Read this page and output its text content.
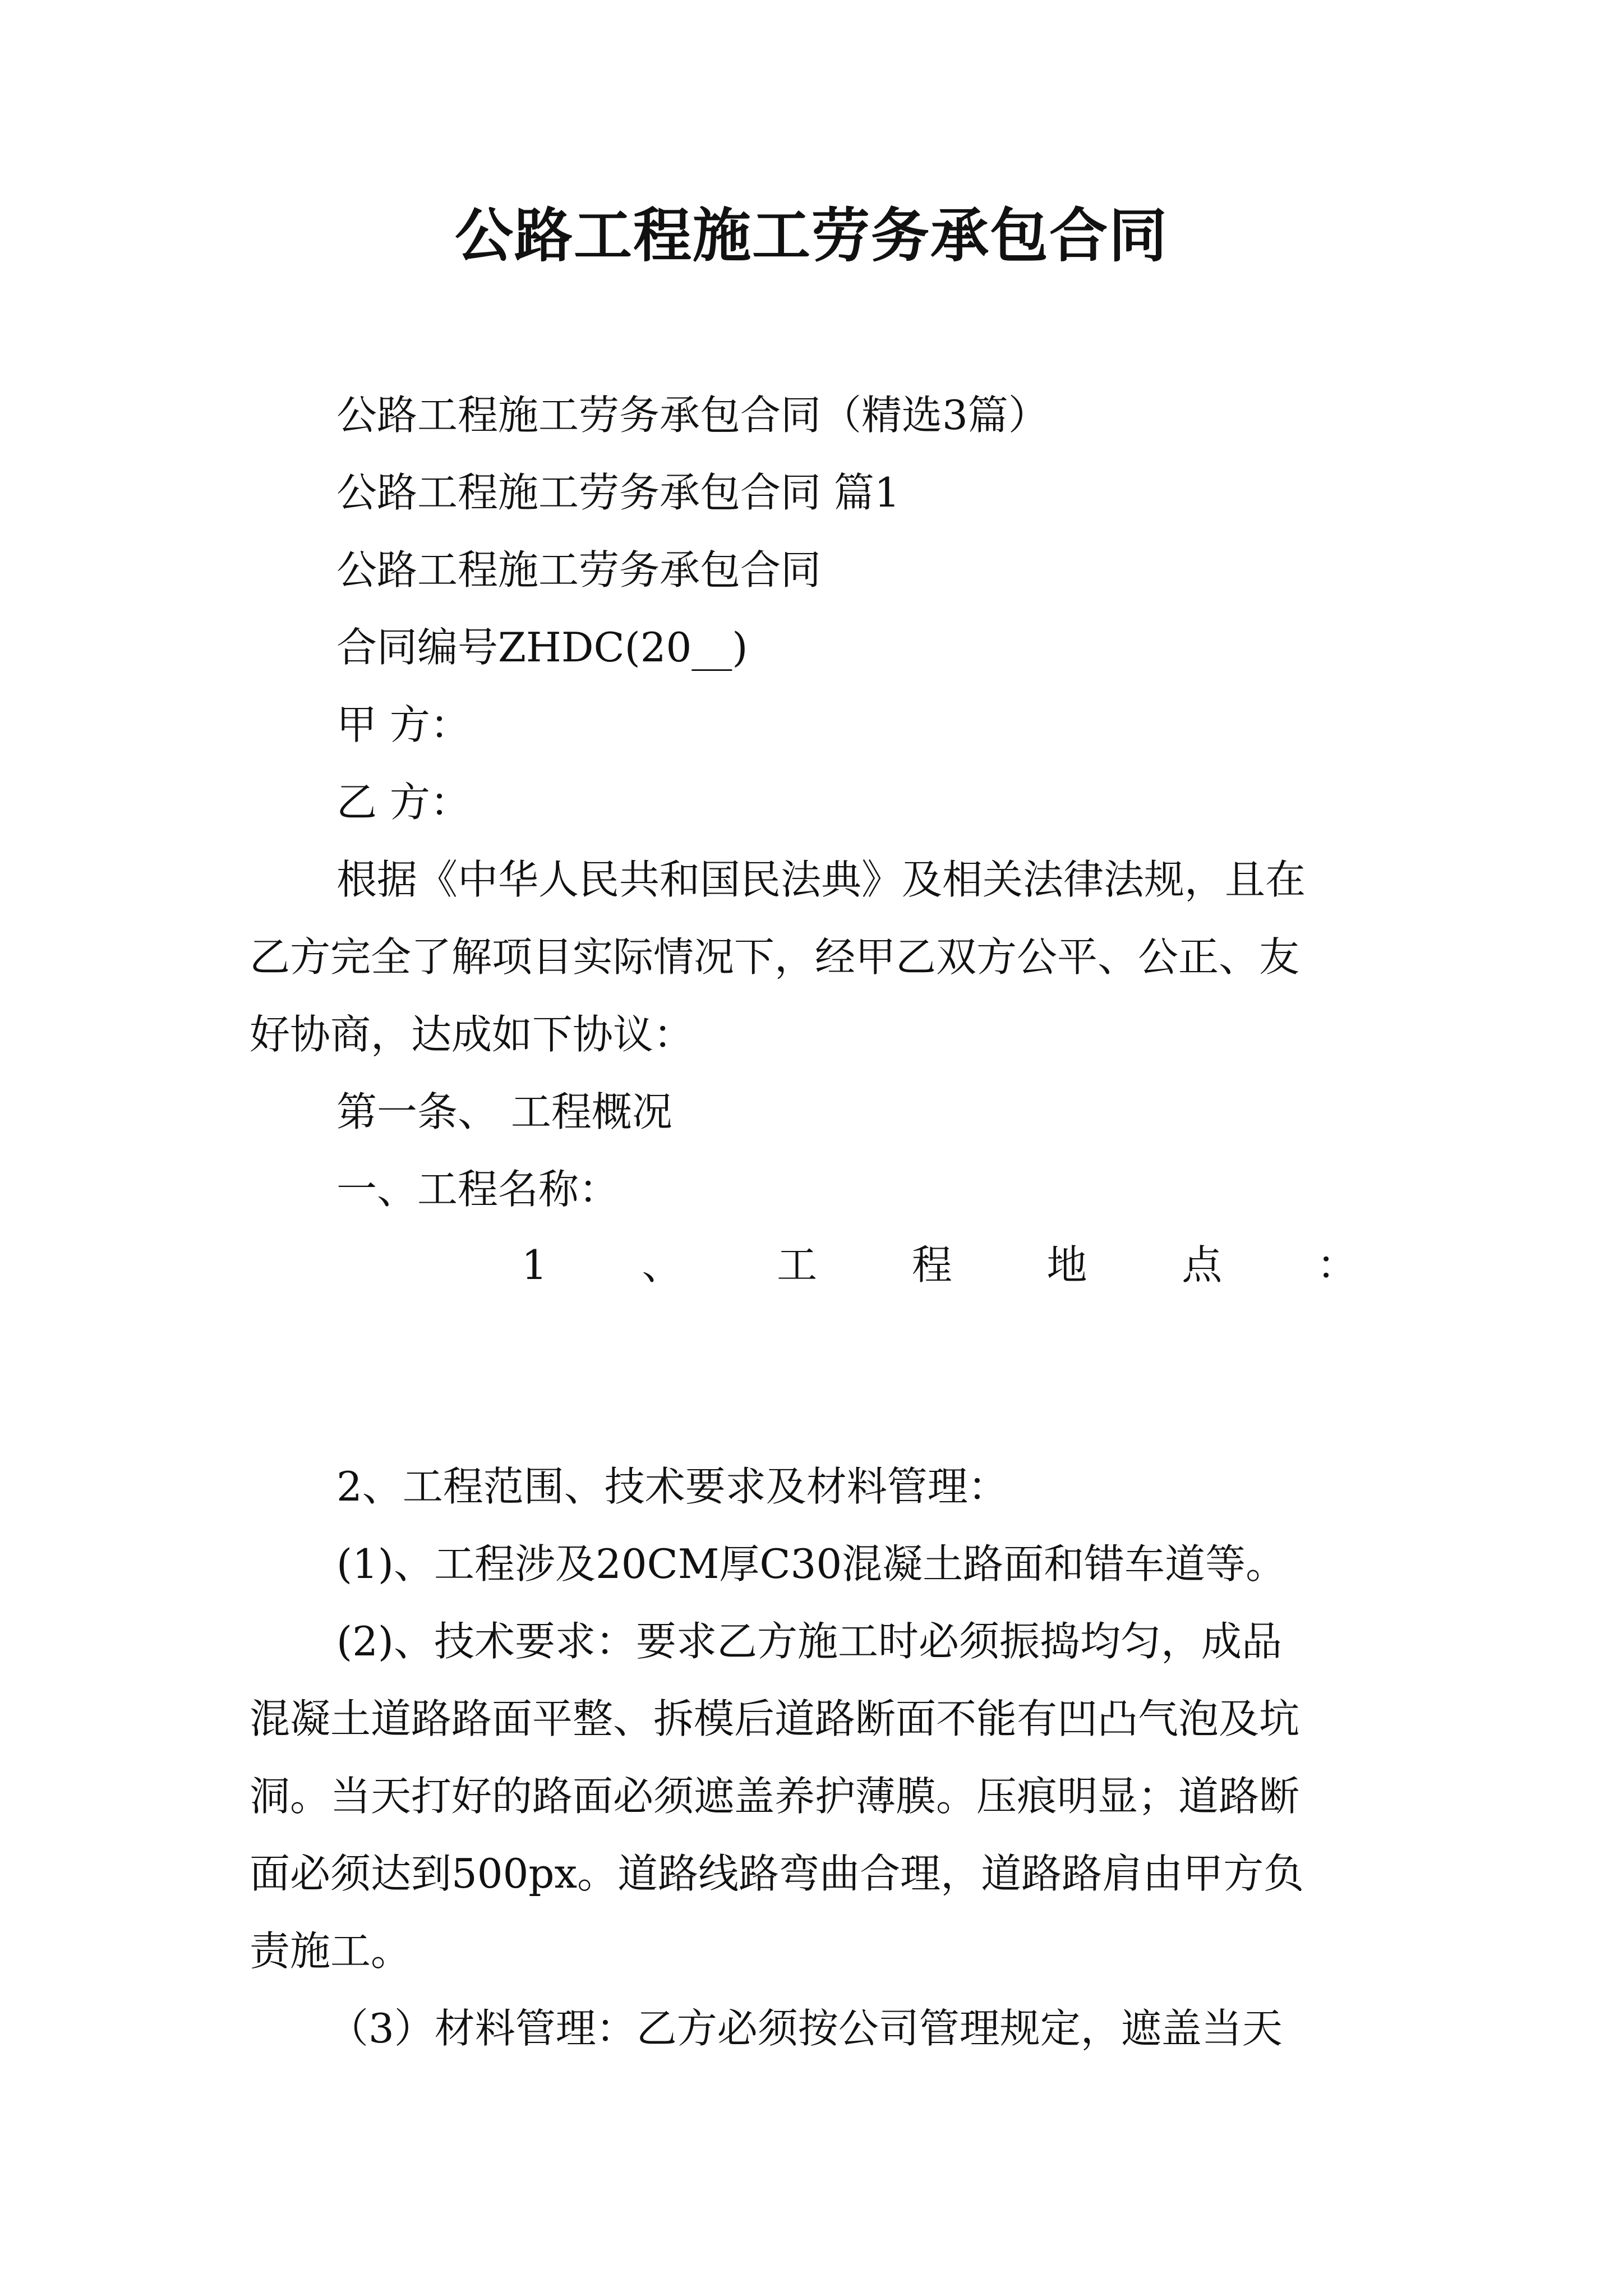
公路工程施工劳务承包合同
公路工程施工劳务承包合同（精选3篇）
公路工程施工劳务承包合同 篇1
公路工程施工劳务承包合同
合同编号ZHDC(20__)
甲 方：
乙 方：
根据《中华人民共和国民法典》及相关法律法规，且在
乙方完全了解项目实际情况下，经甲乙双方公平、公正、友
好协商，达成如下协议：
第一条、 工程概况
一、工程名称：
1 、 工 程 地 点 ：
2、工程范围、技术要求及材料管理：
(1)、工程涉及20CM厚C30混凝土路面和错车道等。
(2)、技术要求：要求乙方施工时必须振捣均匀，成品
混凝土道路路面平整、拆模后道路断面不能有凹凸气泡及坑
洞。当天打好的路面必须遮盖养护薄膜。压痕明显；道路断
面必须达到500px。道路线路弯曲合理，道路路肩由甲方负
责施工。
（3）材料管理：乙方必须按公司管理规定，遮盖当天
